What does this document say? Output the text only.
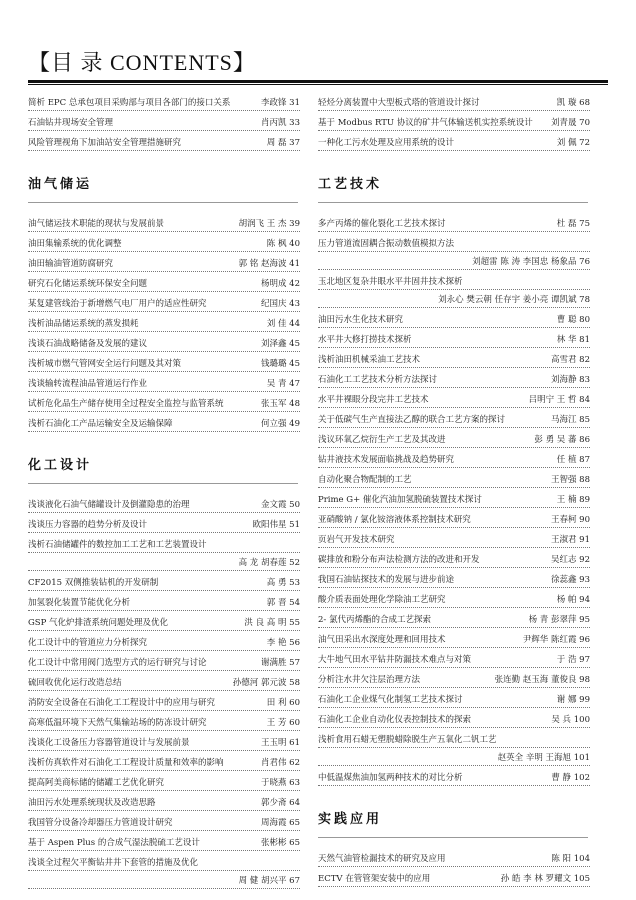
【目 录 CONTENTS】
简析 EPC 总承包项目采购部与项目各部门的接口关系	李政锋 31
石油钻井现场安全管理	肖丙凯 33
风险管理视角下加油站安全管理措施研究	周 磊 37
油气储运
油气储运技术职能的现状与发展前景	胡润飞 王 杰 39
油田集输系统的优化调整	陈 枫 40
油田输油管道防腐研究	郭 铭 赵海波 41
研究石化储运系统环保安全问题	杨明成 42
某复建管线治于新增燃气电厂用户的适应性研究	纪国庆 43
浅析油品储运系统的蒸发损耗	刘 佳 44
浅谈石油战略储备及发展的建议	刘泽鑫 45
浅析城市燃气管网安全运行问题及其对策	钱璐璐 45
浅谈输转流程油品管道运行作业	吴 青 47
试析危化品生产储存使用全过程安全监控与监管系统	张玉军 48
浅析石油化工产品运输安全及运输保障	何立强 49
化工设计
浅谈液化石油气储罐设计及倒灌隐患的治理	金文霞 50
浅谈压力容器的趋势分析及设计	欧阳伟星 51
浅析石油储罐件的数控加工工艺和工艺装置设计
高 龙 胡春莲 52
CF2015 双侧推装钻机的开发研制	高 勇 53
加氢裂化装置节能优化分析	郭 晋 54
GSP 气化炉排渣系统问题处理及优化	洪 良 高 明 55
化工设计中的管道应力分析探究	李 艳 56
化工设计中常用阀门选型方式的运行研究与讨论	谢满胜 57
硫回收优化运行改造总结	孙德河 郭元波 58
消防安全设备在石油化工工程设计中的应用与研究	田 利 60
高寒低温环境下天然气集输站场的防冻设计研究	王 芳 60
浅谈化工设备压力容器管道设计与发展前景	王玉明 61
浅析仿真软件对石油化工工程设计质量和效率的影响	肖君伟 62
提高阿美商标储的储罐工艺优化研究	于晓燕 63
油田污水处理系统现状及改造思路	郭少斋 64
我国管分设备冷却器压力管道设计研究	周海霞 65
基于 Aspen Plus 的合成气湿法脱硫工艺设计	张彬彬 65
浅谈全过程欠平衡钻井井下套管的措施及优化
周 健 胡兴平 67
轻烃分离装置中大型板式塔的管道设计探讨	凯 璇 68
基于 Modbus RTU 协议的矿井气体输送机实控系统设计	刘青晟 70
一种化工污水处理及应用系统的设计	刘 佩 72
工艺技术
多产丙烯的催化裂化工艺技术探讨	杜 磊 75
压力管道流固耦合振动数值模拟方法
刘超雷 陈 涛 李国忠 杨象品 76
玉北地区复杂井眼水平井固井技术探析
刘永心 樊云朝 任存宇 姜小亮 谭凯斌 78
油田污水生化技术研究	曹 聪 80
水平井大修打捞技术探析	林 华 81
浅析油田机械采油工艺技术	高雪君 82
石油化工工艺技术分析方法探讨	刘海静 83
水平井裸眼分段完井工艺技术	吕明宁 王 哲 84
关于低碳气生产直接法乙醇的联合工艺方案的探讨	马海江 85
浅议环氧乙烷衍生产工艺及其改进	彭 勇 吴 蕃 86
钻井液技术发展面临挑战及趋势研究	任 植 87
自动化聚合物配制的工艺	王智强 88
Prime G+ 催化汽油加氢脱硫装置技术探讨	王 楠 89
亚硝酸钠 / 氯化铵溶液体系控制技术研究	王春柯 90
页岩气开发技术研究	王淑君 91
碳排放和粉分布声法检测方法的改进和开发	吴红志 92
我国石油钻探技术的发展与进步前途	徐蕊鑫 93
酸介质表面处理化学除油工艺研究	杨 帕 94
2- 氯代丙烯酯的合成工艺探索	杨 青 彭翠萍 95
油气田采出水深度处理和回用技术	尹辉华 陈红霞 96
大牛地气田水平钻井防漏技术难点与对策	于 浩 97
分析注水井欠注层治理方法	张连勤 赵玉海 董俊良 98
石油化工企业煤气化制氢工艺技术探讨	谢 娜 99
石油化工企业自动化仪表控制技术的探索	吴 兵 100
浅析食用石蜡无塑脱蜡除脱生产五氧化二钒工艺
赵英全 辛明 王海旭 101
中低温煤焦油加氢两种技术的对比分析	曹 静 102
实践应用
天然气油管检漏技术的研究及应用	陈 阳 104
ECTV 在管管架安装中的应用	孙 皓 李 林 罗耀文 105
